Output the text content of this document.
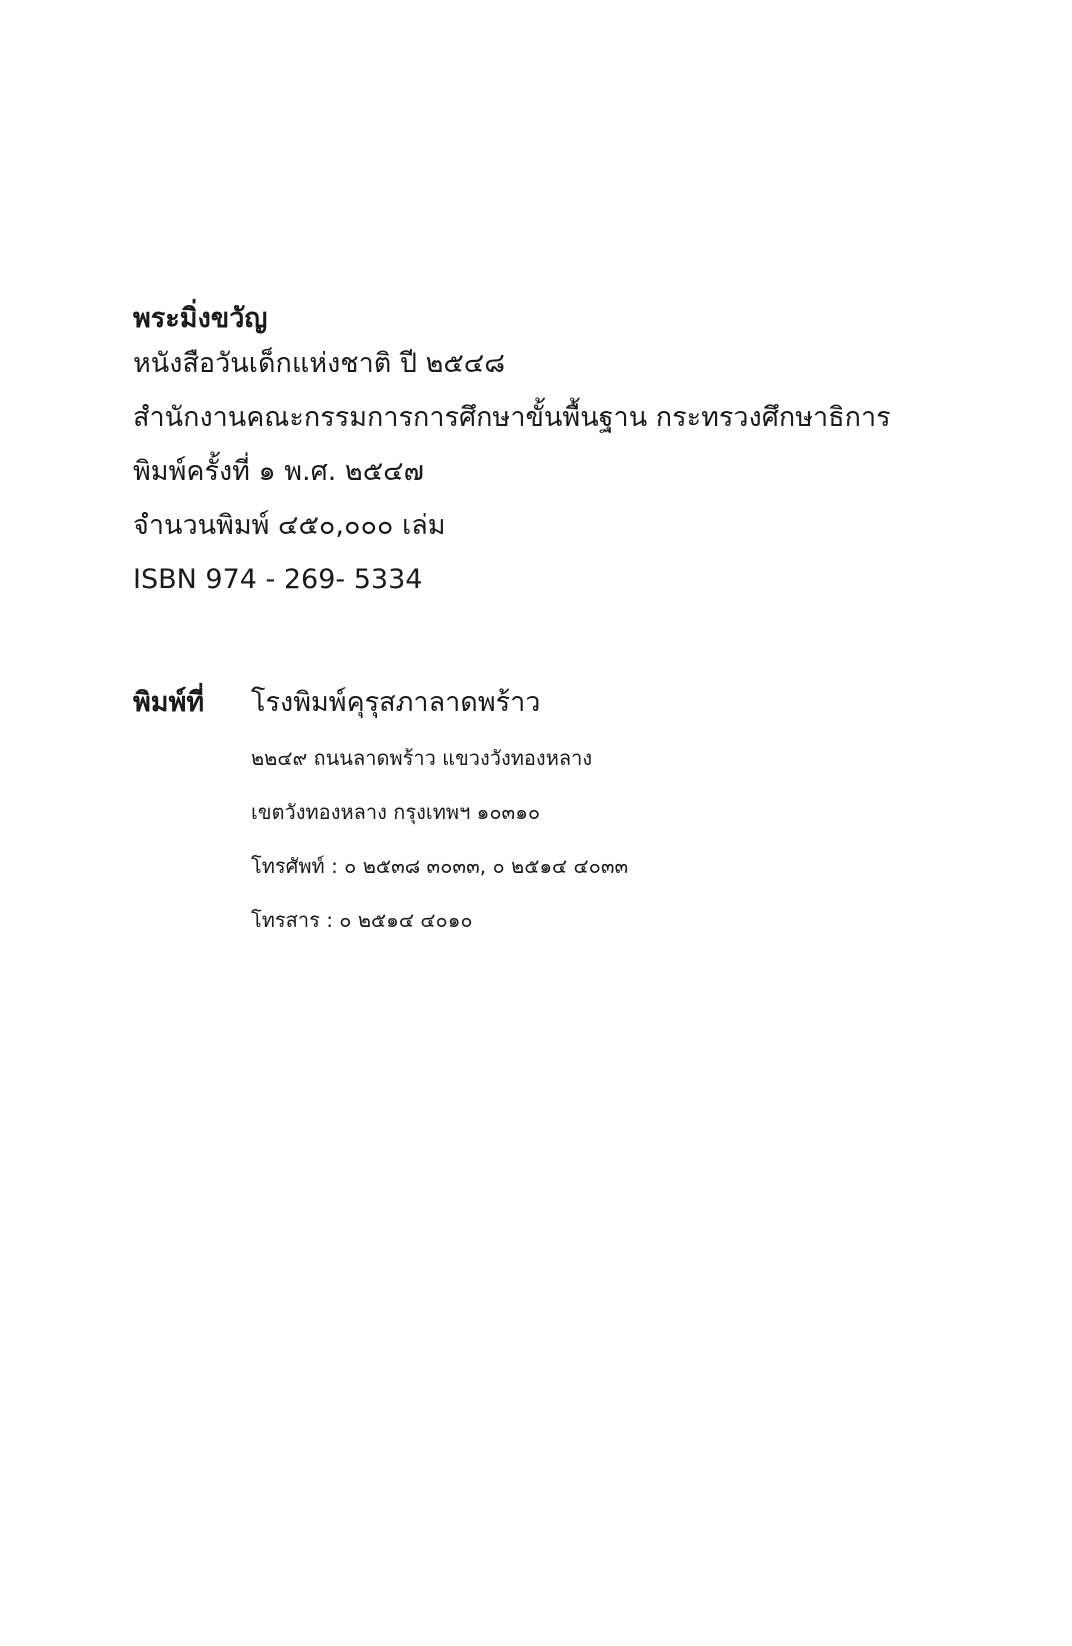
พระมิ่งขวัญ
หนังสือวันเด็กแห่งชาติ ปี ๒๕๔๘
สำนักงานคณะกรรมการการศึกษาขั้นพื้นฐาน กระทรวงศึกษาธิการ
พิมพ์ครั้งที่ ๑ พ.ศ. ๒๕๔๗
จำนวนพิมพ์ ๔๕๐,๐๐๐ เล่ม
ISBN 974 - 269- 5334
พิมพ์ที่	โรงพิมพ์คุรุสภาลาดพร้าว
๒๒๔๙ ถนนลาดพร้าว แขวงวังทองหลาง
เขตวังทองหลาง กรุงเทพฯ ๑๐๓๑๐
โทรศัพท์ : ๐ ๒๕๓๘ ๓๐๓๓, ๐ ๒๕๑๔ ๔๐๓๓
โทรสาร : ๐ ๒๕๑๔ ๔๐๑๐
